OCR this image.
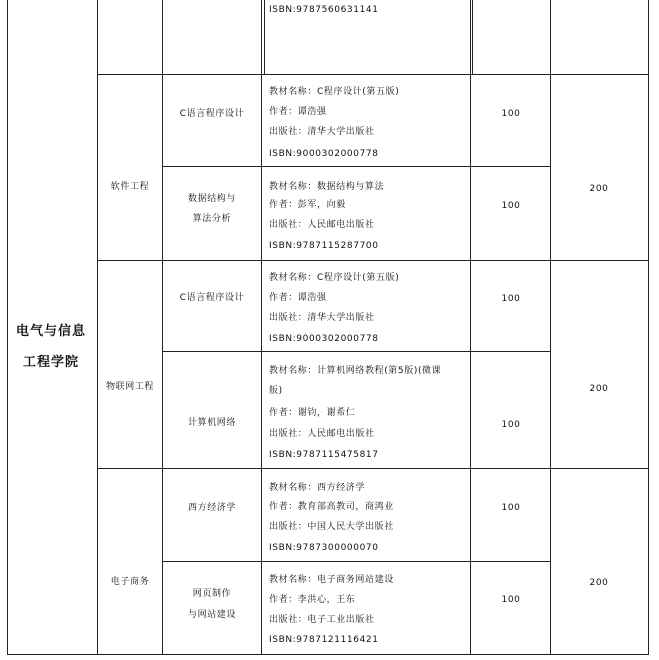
电气与信息
工程学院
ISBN:9787560631141
软件工程
物联网工程
电子商务
200
200
200
C语言程序设计
教材名称：C程序设计(第五版)
作者：谭浩强
出版社：清华大学出版社
ISBN:9000302000778
100
数据结构与
算法分析
教材名称：数据结构与算法
作者：彭军，向毅
出版社：人民邮电出版社
ISBN:9787115287700
100
C语言程序设计
教材名称：C程序设计(第五版)
作者：谭浩强
出版社：清华大学出版社
ISBN:9000302000778
100
计算机网络
教材名称：计算机网络教程(第5版)(微课
版)
作者：谢钧，谢希仁
出版社：人民邮电出版社
ISBN:9787115475817
100
西方经济学
教材名称：西方经济学
作者：教育部高教司，商鸿业
出版社：中国人民大学出版社
ISBN:9787300000070
100
网页制作
与网站建设
教材名称：电子商务网站建设
作者：李洪心，王东
出版社：电子工业出版社
ISBN:9787121116421
100
